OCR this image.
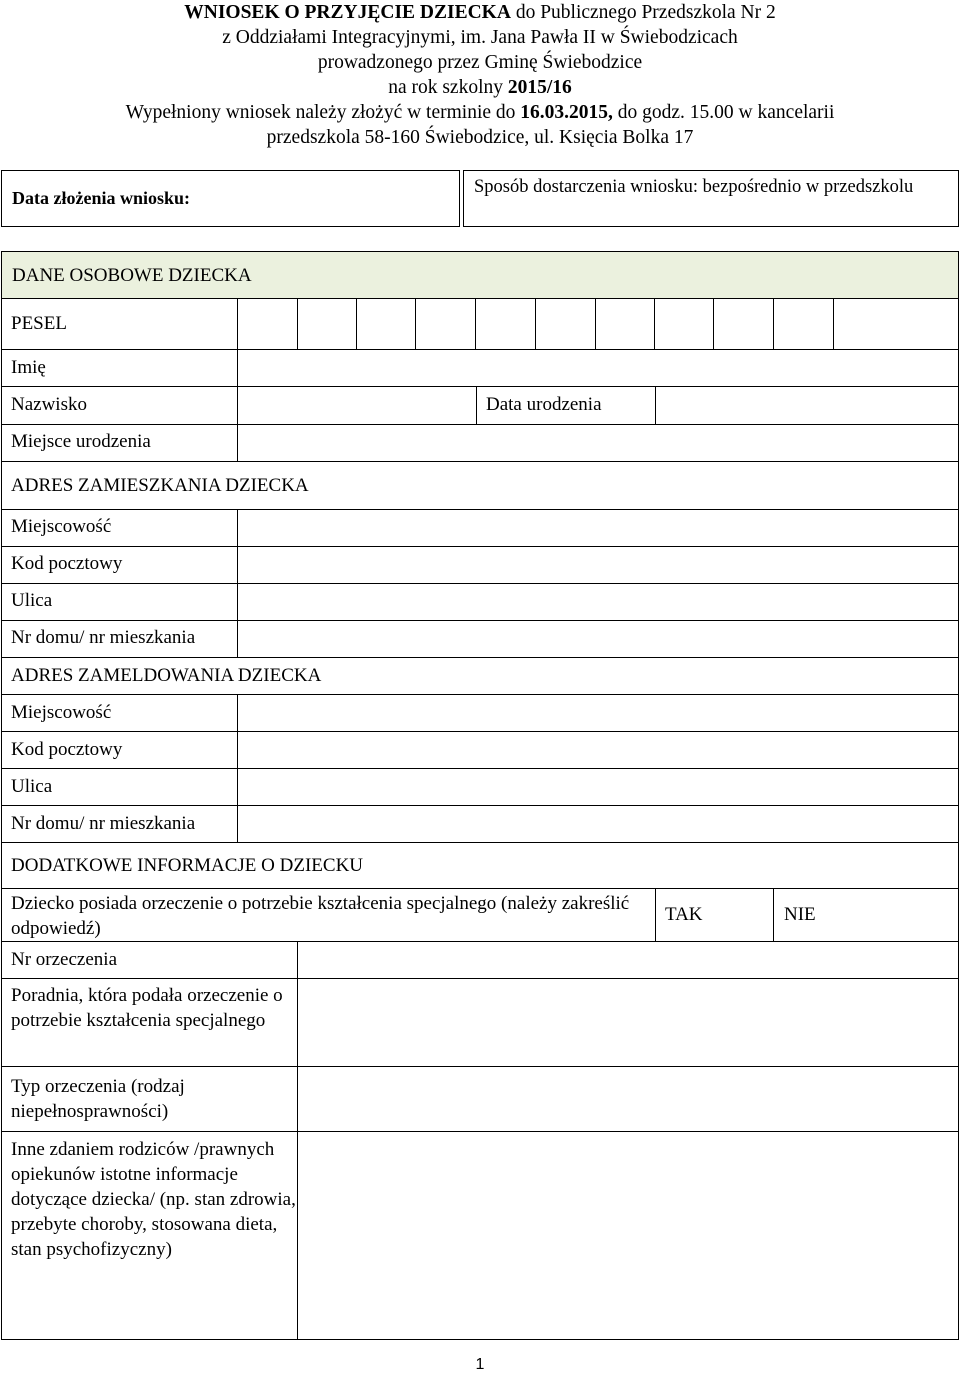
WNIOSEK O PRZYJĘCIE DZIECKA do Publicznego Przedszkola Nr 2
z Oddziałami Integracyjnymi, im. Jana Pawła II w Świebodzicach
prowadzonego przez Gminę Świebodzice
na rok szkolny 2015/16
Wypełniony wniosek należy złożyć w terminie do 16.03.2015, do godz. 15.00 w kancelarii
przedszkola 58-160 Świebodzice, ul. Księcia Bolka 17
Data złożenia wniosku:
Sposób dostarczenia wniosku: bezpośrednio w przedszkolu
DANE OSOBOWE DZIECKA
PESEL
Imię
Nazwisko	Data urodzenia
Miejsce urodzenia
ADRES ZAMIESZKANIA DZIECKA
Miejscowość
Kod pocztowy
Ulica
Nr domu/ nr mieszkania
ADRES ZAMELDOWANIA DZIECKA
Miejscowość
Kod pocztowy
Ulica
Nr domu/ nr mieszkania
DODATKOWE INFORMACJE O DZIECKU
Dziecko posiada orzeczenie o potrzebie kształcenia specjalnego (należy zakreślić odpowiedź)
TAK	NIE
Nr orzeczenia
Poradnia, która podała orzeczenie o potrzebie kształcenia specjalnego
Typ orzeczenia (rodzaj niepełnosprawności)
Inne zdaniem rodziców /prawnych opiekunów istotne informacje dotyczące dziecka/ (np. stan zdrowia, przebyte choroby, stosowana dieta, stan psychofizyczny)
1
